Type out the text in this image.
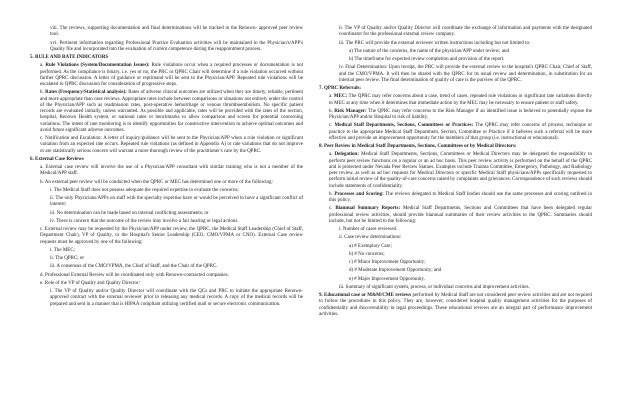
viii. The reviews, supporting documentation and final determinations will be tracked in the Renown- approved peer review tool.

xvi. Pertinent information regarding Professional Practice Evaluation activities will be maintained in the Physician's/APP's Quality file and incorporated into the evaluation of current competence during the reappointment process.

5. RULE AND RATE INDICATORS

a. Rule Violations (System/Documentation Issues): Rule violations occur when a required processes or documentation is not performed. As the compliance is binary, i.e. yes or no, the PRC or QPRC Chair will determine if a rule violation occurred without further QPRC discussion. A letter of guidance or reprimand will be sent to the Physician/APP. Repeated rule violations will be escalated to QPRC discussion for consideration of progressive steps.

b. Rates (Frequency/Statistical analysis): Rates of adverse clinical outcomes are utilized when they are timely, reliable, pertinent and more appropriate than case reviews. Appropriate rates include between comparisons or situations not entirely under the control of the Physician/APP such as readmission rates, post-operative hemorrhage or venous thromboembolism. No specific patient records are evaluated initially, unless warranted. As possible and applicable, rates will be provided with the rates of the section, hospital, Renown Health system, or national rates or benchmarks to allow comparison and screen for potential concerning variations. The intent of rate monitoring is to identify opportunities for constructive intervention to achieve optimal outcomes and avoid future significant adverse outcomes.

c. Notification and Escalation: A letter of inquiry/guidance will be sent to the Physician/APP when a rule violation or significant variation from an expected rate occurs. Repeated rule violations (as defined in Appendix A) or rate variations that do not improve or are statistically serious concern will warrant a more thorough review of the practitioner's care by the QPRC.

6. External Case Reviews

a. External case review will involve the use of a Physician/APP consultant with similar training who is not a member of the Medical/APP staff.

b. An external peer review will be conducted when the QPRC or MEC has determined one or more of the following:

i. The Medical Staff does not possess adequate the required expertise to evaluate the concerns;

ii. The only Physicians/APPs on staff with the specialty expertise have or would be perceived to have a significant conflict of interest;

iii. No determination can be made based on internal conflicting assessments; or

iv. There is concern that the outcome of the review may involve a fair hearing or legal actions.

c. External review may be requested by the Physician/APP under review, the QPRC, the Medical Staff Leadership (Chief of Staff, Department Chair), VP of Quality, or the Hospital's Senior Leadership (CEO, CMO/VPMA or CNO). External Case review requests must be approved by one of the following:

i. The MEC;

ii. The QPRC; or

iii. A consensus of the CMO/VPMA, the Chief of Staff, and the Chair of the QPRC.

d. Professional External Review will be coordinated only with Renown-contracted companies.

e. Role of the VP of Quality and Quality Director:

i. The VP of Quality and/or Quality Director will coordinate with the QCs and PRC to initiate the appropriate Renown-approved contract with the external reviewer prior to releasing any medical records. A copy of the medical records will be prepared and sent in a manner that is HIPAA compliant utilizing certified mail or secure electronic communication.

ii. The VP of Quality and/or Quality Director will coordinate the exchange of information and payments with the designated coordinator for the professional external review company.

iii. The PRC will provide the external reviewer written instructions including but not limited to:

a) The nature of the concerns, the name of the physician/APP under review; and

b) The timeframe for expected review completion and provision of the report.

iv. Final Determination: Upon receipt, the PRC will provide the external review to the hospital's QPRC Chair, Chief of Staff, and the CMO/VPMA. It will then be shared with the QPRC for its usual review and determination, in substitution for an internal peer review. The final determination of quality of care is the purview of the QPRC.

7. QPRC Referrals:

a. MEC: The QPRC may refer concerns about a case, trend of cases, repeated rule violations or significant rate variations directly to MEC at any time when it determines that immediate action by the MEC may be necessary to ensure patient or staff safety.

b. Risk Manager: The QPRC may refer concerns to the Risk Manager if an identified issue is believed to potentially expose the Physician/APP and/or Hospital to risk of liability.

c. Medical Staff Departments, Sections, Committees or Practices: The QPRC may refer concerns of process, technique or practice to the appropriate Medical Staff Department, Section, Committee or Practice if it believes such a referral will be more effective and provide an improvement opportunity for the members of that group (i.e. instructional or educational).

8. Peer Review in Medical Staff Departments, Sections, Committees or by Medical Directors:

a. Delegation: Medical Staff Departments, Sections, Committees or Medical Directors may be delegated the responsibility to perform peer review functions on a regular or an ad hoc basis. This peer review activity is performed on the behalf of the QPRC and is protected under Nevada Peer Review Statues. Examples include Trauma Committee, Emergency, Pathology, and Radiology peer review, as well as ad hoc requests for Medical Directors or specific Medical Staff physicians/APPs specifically requested to perform initial review of the quality-of-care concerns raised by complaints and grievances. Correspondence of such reviews should include statements of confidentiality.

b. Processes and Scoring: The reviews delegated to Medical Staff bodies should use the same processes and scoring outlined in this policy.

c. Biannual Summary Reports: Medical Staff Departments, Sections and Committees that have been delegated regular professional review activities, should provide biannual summaries of their review activities to the QPRC. Summaries should include, but not be limited to the following:

i. Number of cases reviewed.

ii. Case review determinations:

a) # Exemplary Care;

b) # No concerns;

c) # Minor Improvement Opportunity;

d) # Moderate Improvement Opportunity; and

e) # Major Improvement Opportunity.

iii. Summary of significant system, process, or individual concerns and improvement activities.

9. Educational case or M&M/CME reviews performed by Medical Staff are not considered peer review activities and are not required to follow the procedures in this policy. They are, however, considered hospital quality management activities for the purposes of confidentiality and discoverability in legal proceedings. These educational reviews are an integral part of performance improvement activities.
